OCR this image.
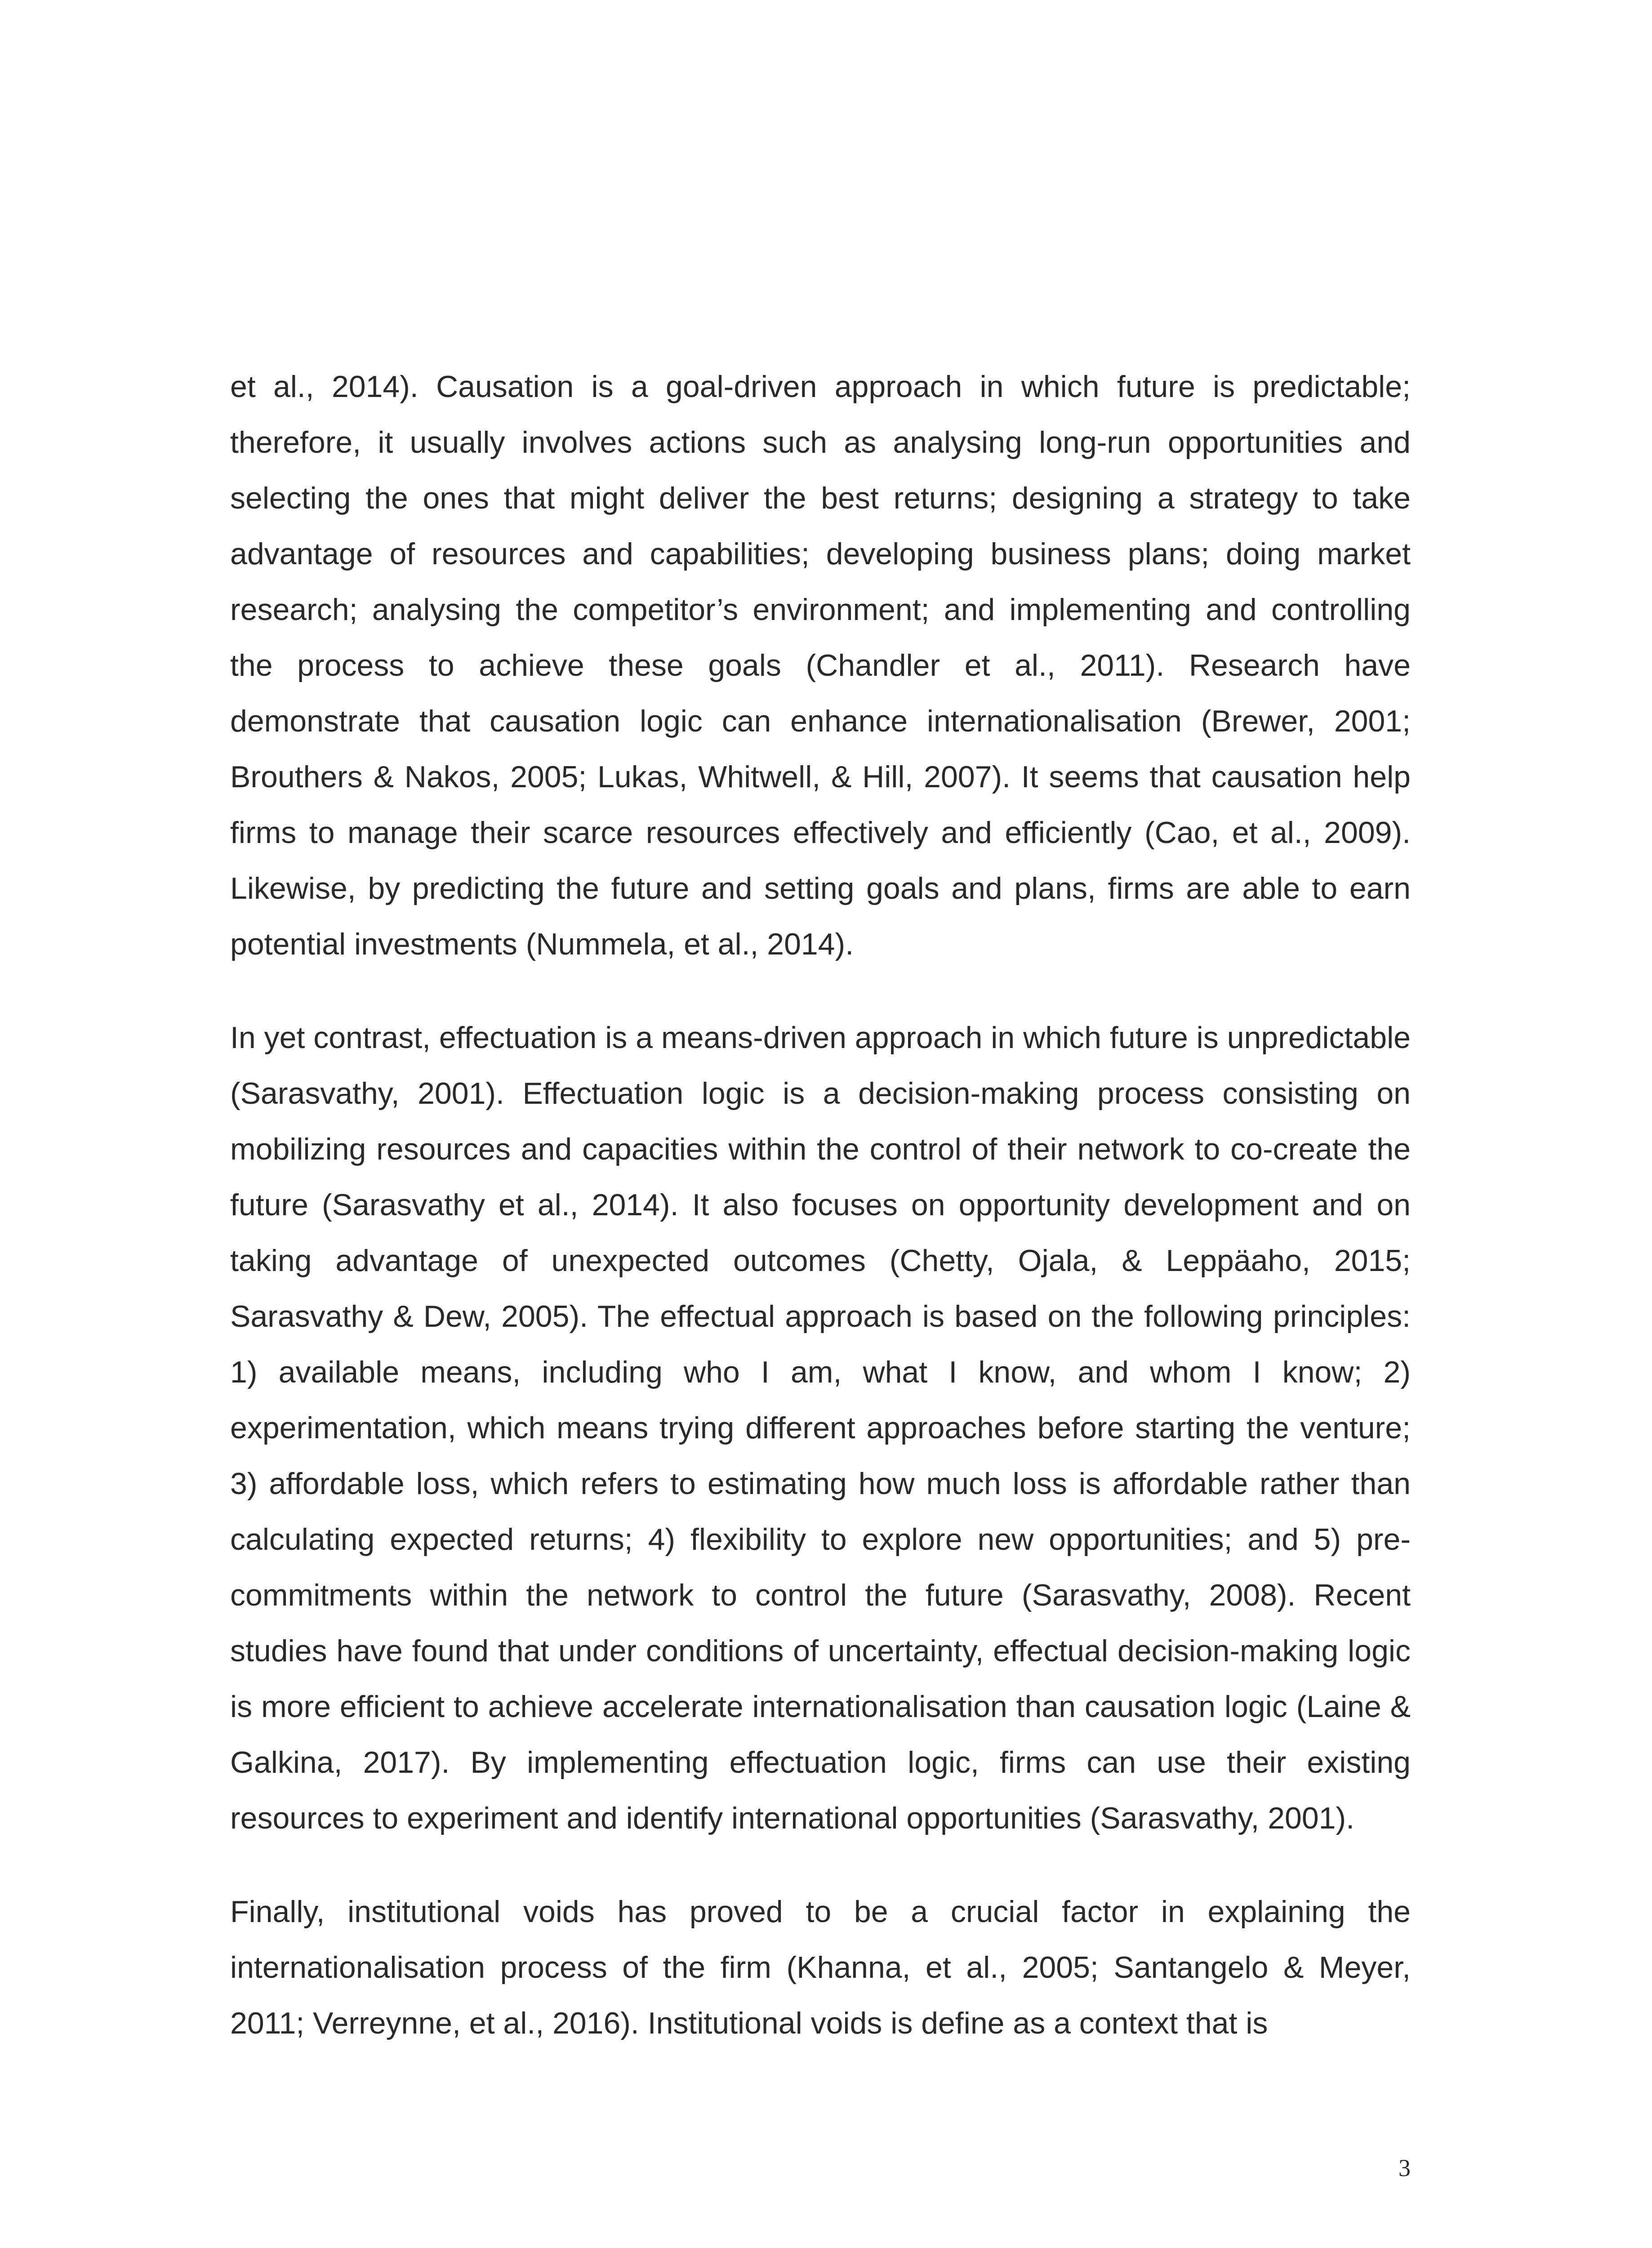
et al., 2014). Causation is a goal-driven approach in which future is predictable; therefore, it usually involves actions such as analysing long-run opportunities and selecting the ones that might deliver the best returns; designing a strategy to take advantage of resources and capabilities; developing business plans; doing market research; analysing the competitor’s environment; and implementing and controlling the process to achieve these goals (Chandler et al., 2011). Research have demonstrate that causation logic can enhance internationalisation (Brewer, 2001; Brouthers & Nakos, 2005; Lukas, Whitwell, & Hill, 2007). It seems that causation help firms to manage their scarce resources effectively and efficiently (Cao, et al., 2009). Likewise, by predicting the future and setting goals and plans, firms are able to earn potential investments (Nummela, et al., 2014).

In yet contrast, effectuation is a means-driven approach in which future is unpredictable (Sarasvathy, 2001). Effectuation logic is a decision-making process consisting on mobilizing resources and capacities within the control of their network to co-create the future (Sarasvathy et al., 2014). It also focuses on opportunity development and on taking advantage of unexpected outcomes (Chetty, Ojala, & Leppäaho, 2015; Sarasvathy & Dew, 2005). The effectual approach is based on the following principles: 1) available means, including who I am, what I know, and whom I know; 2) experimentation, which means trying different approaches before starting the venture; 3) affordable loss, which refers to estimating how much loss is affordable rather than calculating expected returns; 4) flexibility to explore new opportunities; and 5) pre-commitments within the network to control the future (Sarasvathy, 2008). Recent studies have found that under conditions of uncertainty, effectual decision-making logic is more efficient to achieve accelerate internationalisation than causation logic (Laine & Galkina, 2017). By implementing effectuation logic, firms can use their existing resources to experiment and identify international opportunities (Sarasvathy, 2001).

Finally, institutional voids has proved to be a crucial factor in explaining the internationalisation process of the firm (Khanna, et al., 2005; Santangelo & Meyer, 2011; Verreynne, et al., 2016). Institutional voids is define as a context that is

3
